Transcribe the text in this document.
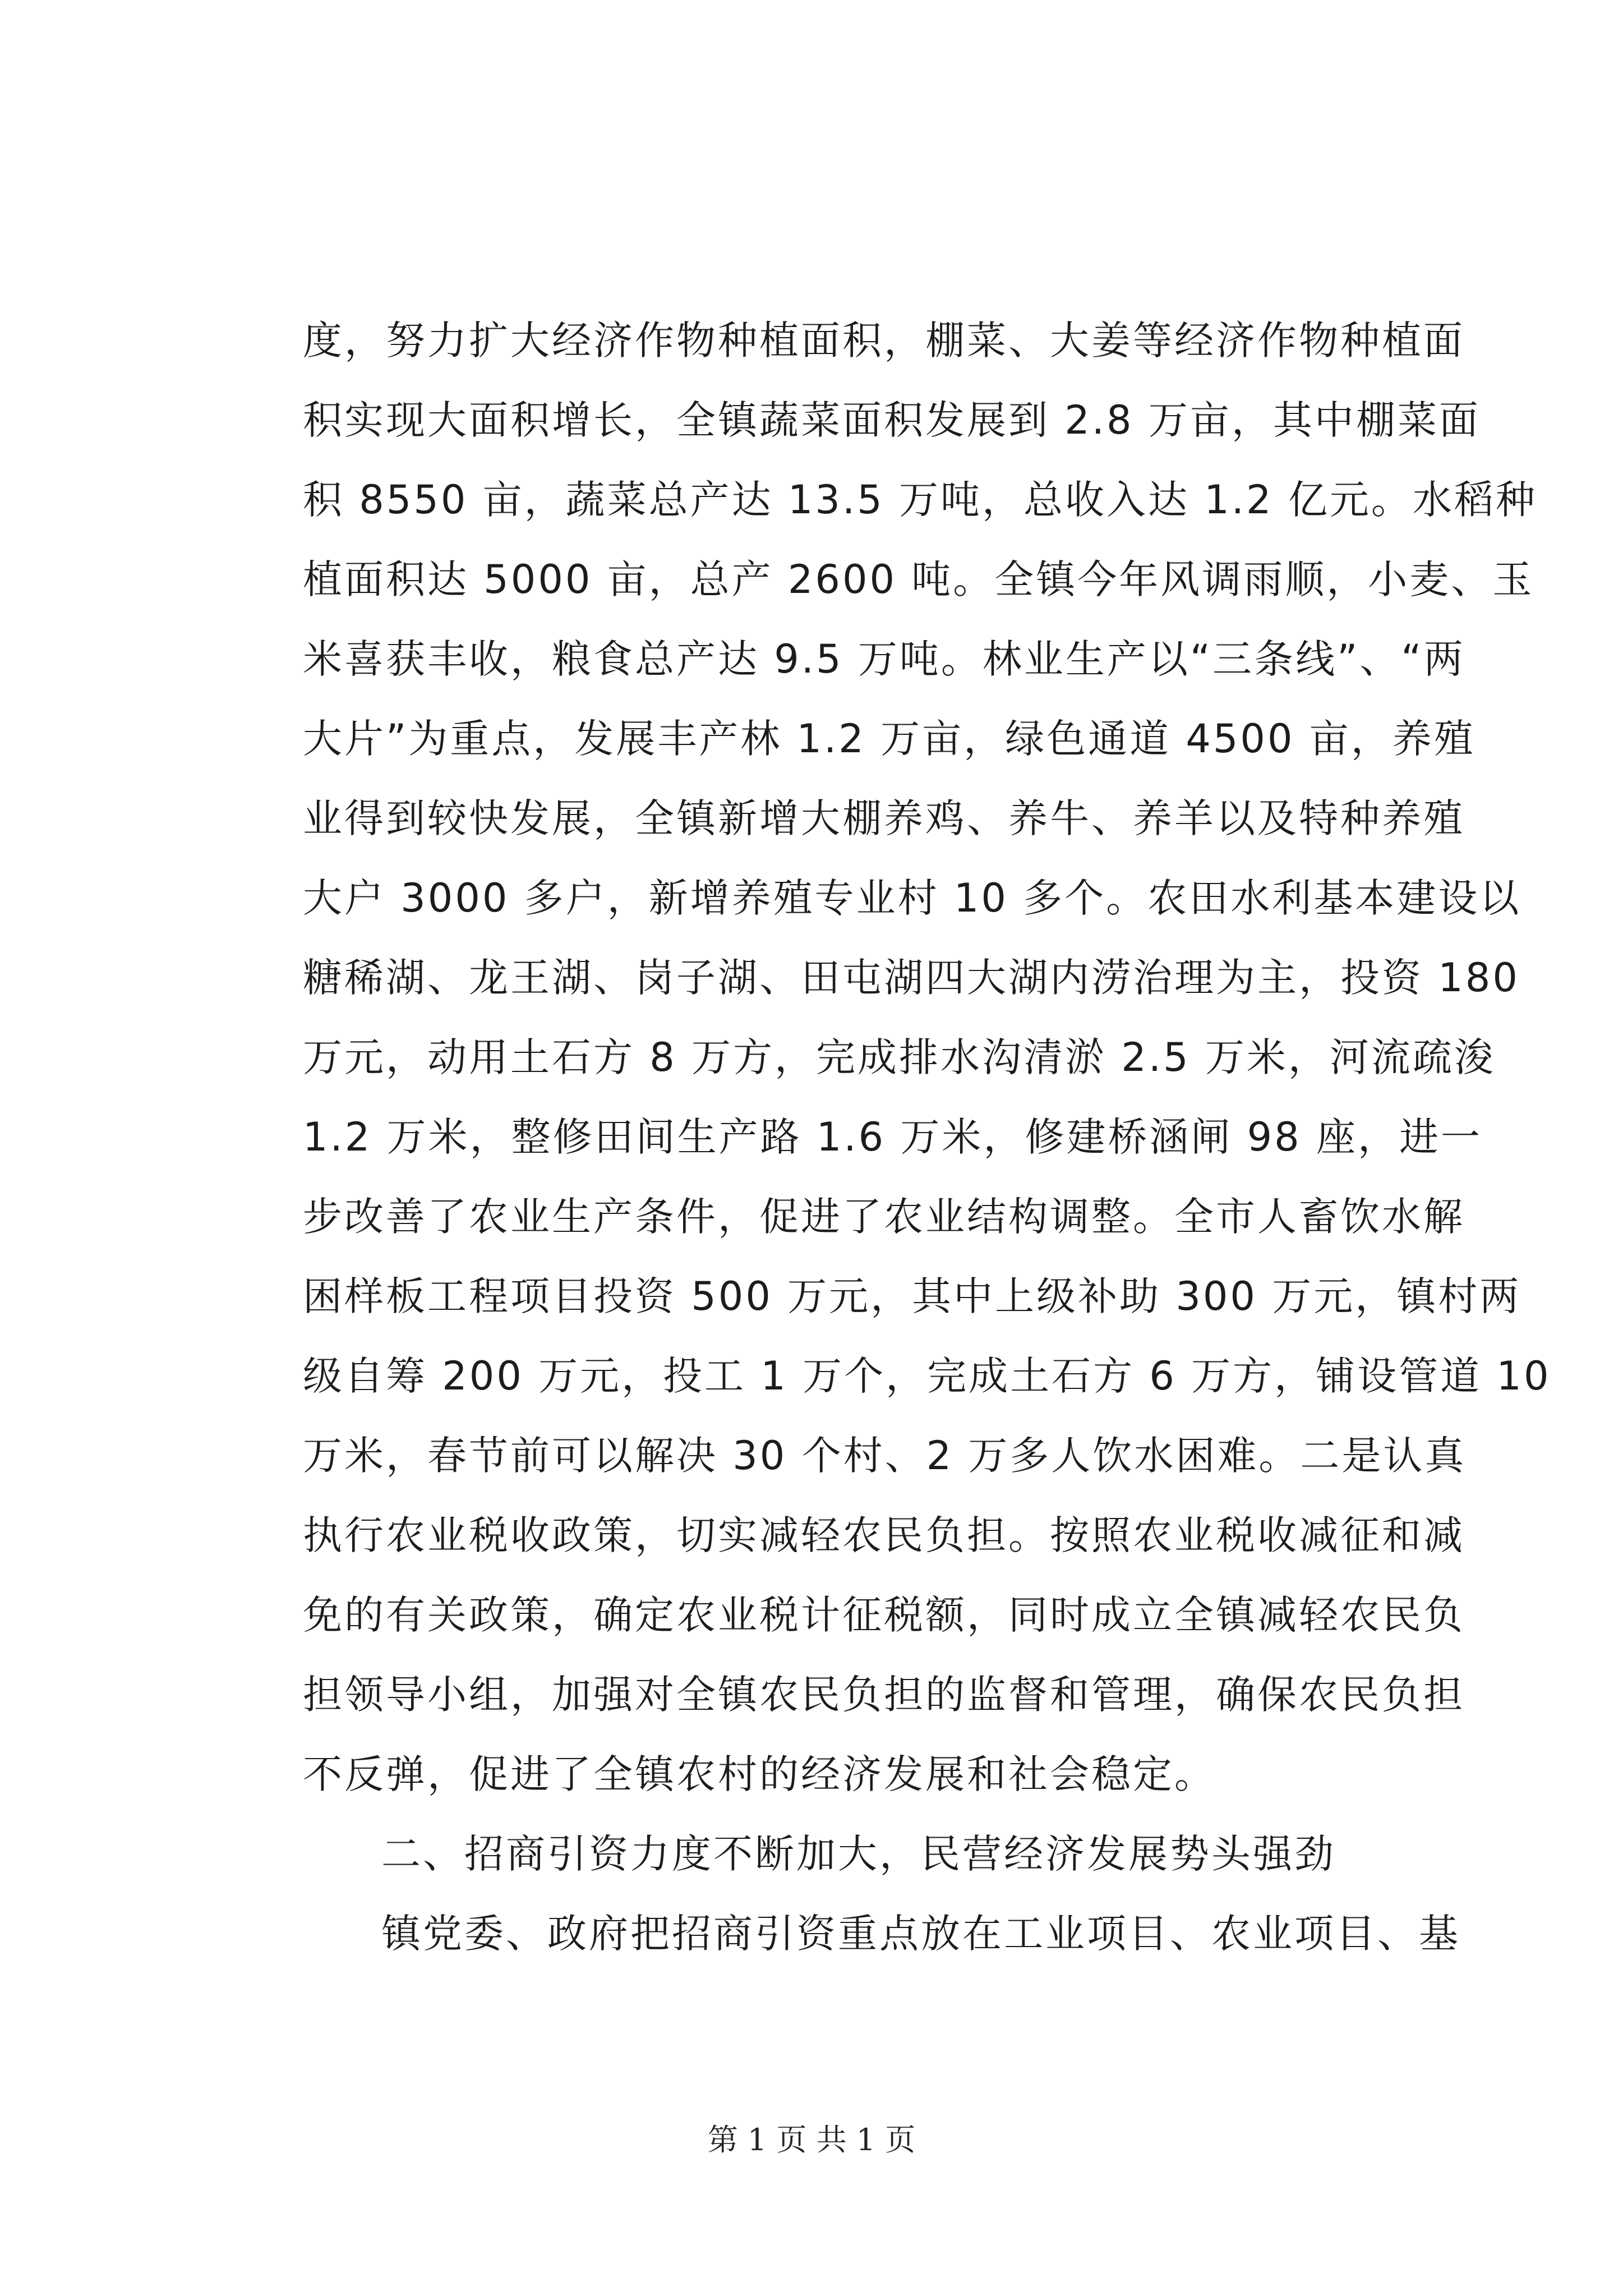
度，努力扩大经济作物种植面积，棚菜、大姜等经济作物种植面
积实现大面积增长，全镇蔬菜面积发展到 2.8 万亩，其中棚菜面
积 8550 亩，蔬菜总产达 13.5 万吨，总收入达 1.2 亿元。水稻种
植面积达 5000 亩，总产 2600 吨。全镇今年风调雨顺，小麦、玉
米喜获丰收，粮食总产达 9.5 万吨。林业生产以“三条线”、“两
大片”为重点，发展丰产林 1.2 万亩，绿色通道 4500 亩，养殖
业得到较快发展，全镇新增大棚养鸡、养牛、养羊以及特种养殖
大户 3000 多户，新增养殖专业村 10 多个。农田水利基本建设以
糖稀湖、龙王湖、岗子湖、田屯湖四大湖内涝治理为主，投资 180
万元，动用土石方 8 万方，完成排水沟清淤 2.5 万米，河流疏浚
1.2 万米，整修田间生产路 1.6 万米，修建桥涵闸 98 座，进一
步改善了农业生产条件，促进了农业结构调整。全市人畜饮水解
困样板工程项目投资 500 万元，其中上级补助 300 万元，镇村两
级自筹 200 万元，投工 1 万个，完成土石方 6 万方，铺设管道 10
万米，春节前可以解决 30 个村、2 万多人饮水困难。二是认真
执行农业税收政策，切实减轻农民负担。按照农业税收减征和减
免的有关政策，确定农业税计征税额，同时成立全镇减轻农民负
担领导小组，加强对全镇农民负担的监督和管理，确保农民负担
不反弹，促进了全镇农村的经济发展和社会稳定。
二、招商引资力度不断加大，民营经济发展势头强劲
镇党委、政府把招商引资重点放在工业项目、农业项目、基
第 1 页 共 1 页
